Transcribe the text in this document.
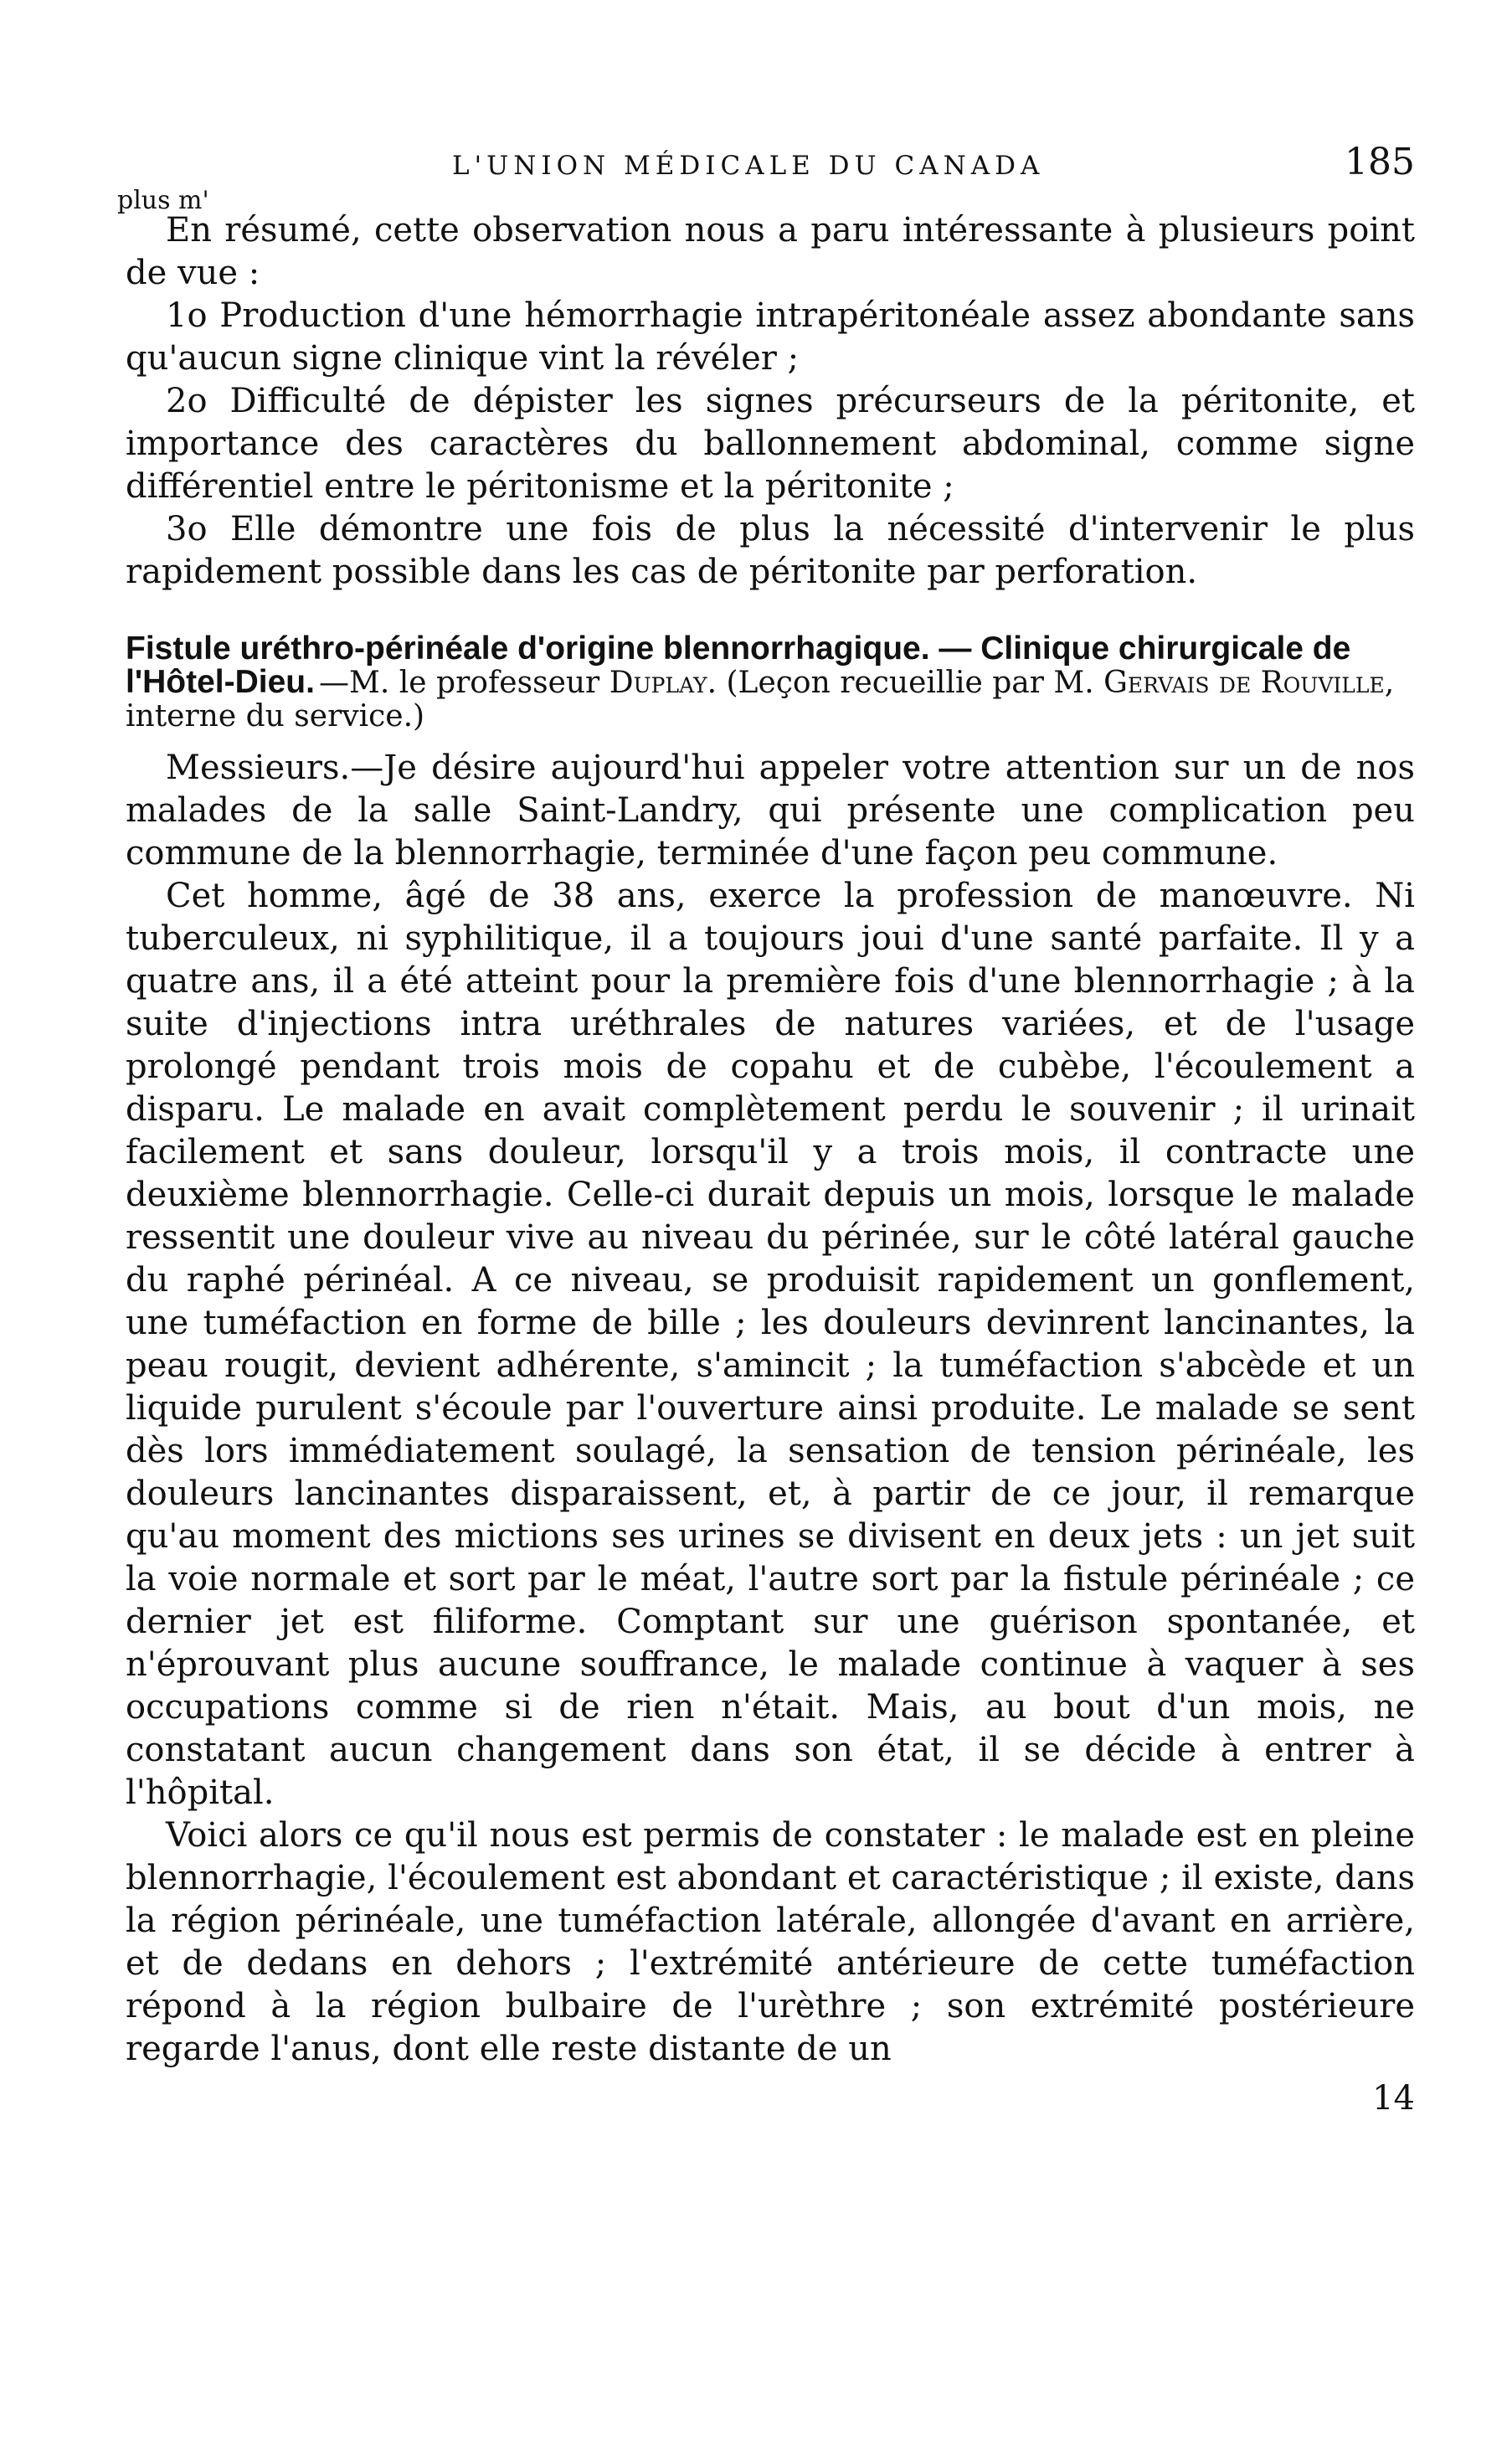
L'UNION MÉDICALE DU CANADA	185
plus m'

En résumé, cette observation nous a paru intéressante à plusieurs point de vue :

1o Production d'une hémorrhagie intrapéritonéale assez abondante sans qu'aucun signe clinique vint la révéler ;

2o Difficulté de dépister les signes précurseurs de la péritonite, et importance des caractères du ballonnement abdominal, comme signe différentiel entre le péritonisme et la péritonite ;

3o Elle démontre une fois de plus la nécessité d'intervenir le plus rapidement possible dans les cas de péritonite par perforation.

Fistule uréthro-périnéale d'origine blennorrhagique. — Clinique chirurgicale de l'Hôtel-Dieu. —M. le professeur Duplay. (Leçon recueillie par M. Gervais de Rouville, interne du service.)

Messieurs.—Je désire aujourd'hui appeler votre attention sur un de nos malades de la salle Saint-Landry, qui présente une complication peu commune de la blennorrhagie, terminée d'une façon peu commune.

Cet homme, âgé de 38 ans, exerce la profession de manœuvre. Ni tuberculeux, ni syphilitique, il a toujours joui d'une santé parfaite. Il y a quatre ans, il a été atteint pour la première fois d'une blennorrhagie ; à la suite d'injections intra uréthrales de natures variées, et de l'usage prolongé pendant trois mois de copahu et de cubèbe, l'écoulement a disparu. Le malade en avait complètement perdu le souvenir ; il urinait facilement et sans douleur, lorsqu'il y a trois mois, il contracte une deuxième blennorrhagie. Celle-ci durait depuis un mois, lorsque le malade ressentit une douleur vive au niveau du périnée, sur le côté latéral gauche du raphé périnéal. A ce niveau, se produisit rapidement un gonflement, une tuméfaction en forme de bille ; les douleurs devinrent lancinantes, la peau rougit, devient adhérente, s'amincit ; la tuméfaction s'abcède et un liquide purulent s'écoule par l'ouverture ainsi produite. Le malade se sent dès lors immédiatement soulagé, la sensation de tension périnéale, les douleurs lancinantes disparaissent, et, à partir de ce jour, il remarque qu'au moment des mictions ses urines se divisent en deux jets : un jet suit la voie normale et sort par le méat, l'autre sort par la fistule périnéale ; ce dernier jet est filiforme. Comptant sur une guérison spontanée, et n'éprouvant plus aucune souffrance, le malade continue à vaquer à ses occupations comme si de rien n'était. Mais, au bout d'un mois, ne constatant aucun changement dans son état, il se décide à entrer à l'hôpital.

Voici alors ce qu'il nous est permis de constater : le malade est en pleine blennorrhagie, l'écoulement est abondant et caractéristique ; il existe, dans la région périnéale, une tuméfaction latérale, allongée d'avant en arrière, et de dedans en dehors ; l'extrémité antérieure de cette tuméfaction répond à la région bulbaire de l'urèthre ; son extrémité postérieure regarde l'anus, dont elle reste distante de un

14
